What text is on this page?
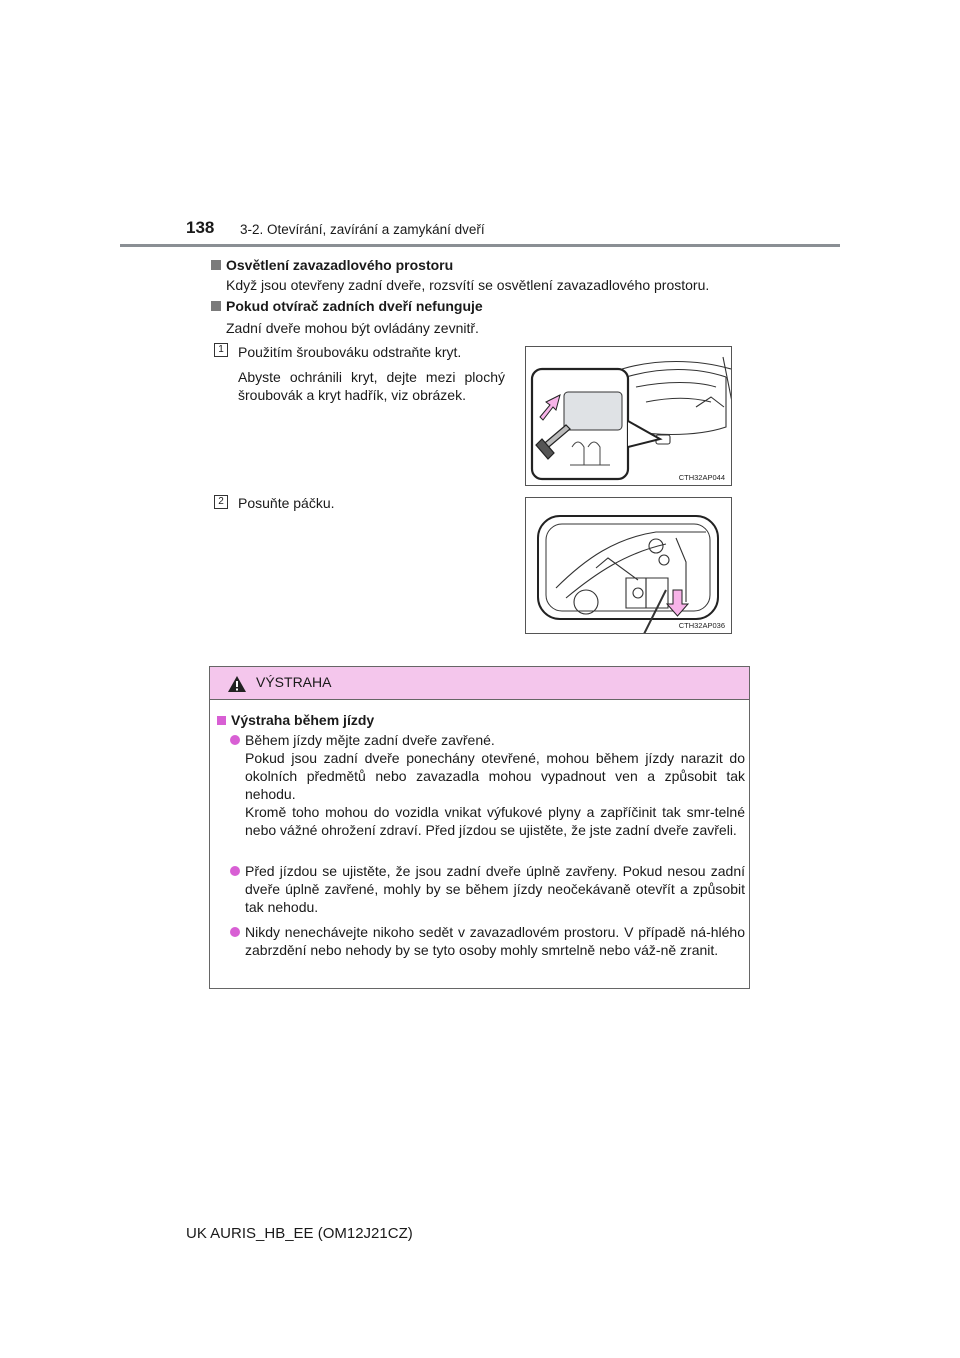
138 3-2. Otevírání, zavírání a zamykání dveří
Osvětlení zavazadlového prostoru
Když jsou otevřeny zadní dveře, rozsvítí se osvětlení zavazadlového prostoru.
Pokud otvírač zadních dveří nefunguje
Zadní dveře mohou být ovládány zevnitř.
1	Použitím šroubováku odstraňte kryt.
Abyste ochránili kryt, dejte mezi plochý šroubovák a kryt hadřík, viz obrázek.
CTH32AP044
2	Posuňte páčku.
CTH32AP036
VÝSTRAHA
Výstraha během jízdy
Během jízdy mějte zadní dveře zavřené.
Pokud jsou zadní dveře ponechány otevřené, mohou během jízdy narazit do okolních předmětů nebo zavazadla mohou vypadnout ven a způsobit tak nehodu.
Kromě toho mohou do vozidla vnikat výfukové plyny a zapříčinit tak smr-telné nebo vážné ohrožení zdraví. Před jízdou se ujistěte, že jste zadní dveře zavřeli.
Před jízdou se ujistěte, že jsou zadní dveře úplně zavřeny. Pokud nesou zadní dveře úplně zavřené, mohly by se během jízdy neočekávaně otevřít a způsobit tak nehodu.
Nikdy nenechávejte nikoho sedět v zavazadlovém prostoru. V případě ná-hlého zabrzdění nebo nehody by se tyto osoby mohly smrtelně nebo váž-ně zranit.
UK AURIS_HB_EE (OM12J21CZ)
